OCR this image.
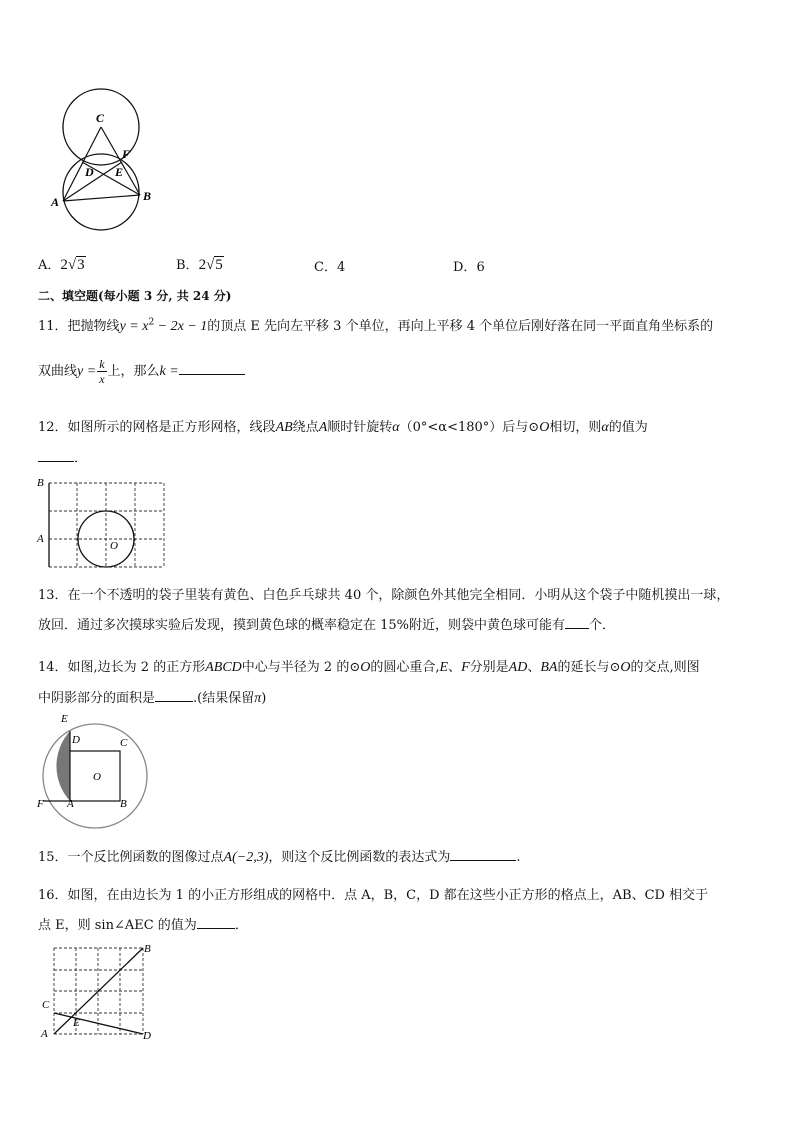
C
F
D E
A	B
A．2√3	B．2√5	C．4	D．6
二、填空题(每小题 3 分, 共 24 分)
11．把抛物线$y = x^2 - 2x - 1$的顶点 E 先向左平移 3 个单位，再向上平移 4 个单位后刚好落在同一平面直角坐标系的
双曲线$y = \frac{k}{x}$ 上，那么k =
12．如图所示的网格是正方形网格，线段AB绕点A顺时针旋转α（0°<α<180°）后与⊙O相切，则α的值为
．
B
A
O
13．在一个不透明的袋子里装有黄色、白色乒乓球共 40 个，除颜色外其他完全相同．小明从这个袋子中随机摸出一球，
放回．通过多次摸球实验后发现，摸到黄色球的概率稳定在 15%附近，则袋中黄色球可能有 个．
14．如图,边长为 2 的正方形ABCD中心与半径为 2 的⊙O的圆心重合,E、F分别是AD、BA的延长与⊙O的交点,则图
中阴影部分的面积是	.(结果保留π)
E
D	C
O
F A	B
15．一个反比例函数的图像过点A(−2,3)，则这个反比例函数的表达式为	.
16．如图，在由边长为 1 的小正方形组成的网格中．点 A，B，C，D 都在这些小正方形的格点上，AB、CD 相交于
点 E，则 sin∠AEC 的值为	．
B
C
E
A	D
